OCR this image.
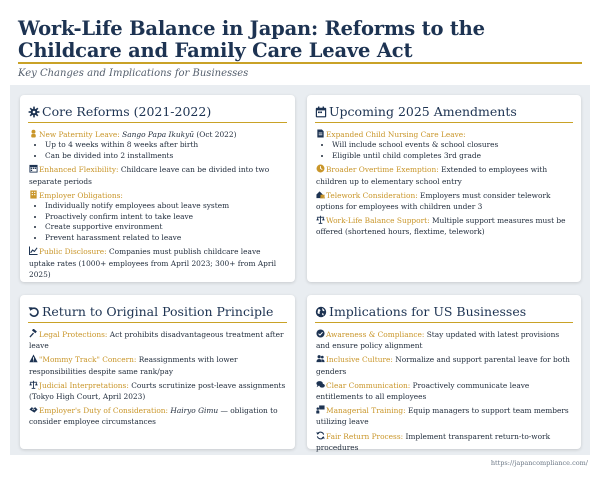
Work-Life Balance in Japan: Reforms to the Childcare and Family Care Leave Act
Key Changes and Implications for Businesses
Core Reforms (2021-2022)
New Paternity Leave: Sango Papa Ikukyū (Oct 2022)
• Up to 4 weeks within 8 weeks after birth
• Can be divided into 2 installments
Enhanced Flexibility: Childcare leave can be divided into two separate periods
Employer Obligations:
• Individually notify employees about leave system
• Proactively confirm intent to take leave
• Create supportive environment
• Prevent harassment related to leave
Public Disclosure: Companies must publish childcare leave uptake rates (1000+ employees from April 2023; 300+ from April 2025)
Upcoming 2025 Amendments
Expanded Child Nursing Care Leave:
• Will include school events & school closures
• Eligible until child completes 3rd grade
Broader Overtime Exemption: Extended to employees with children up to elementary school entry
Telework Consideration: Employers must consider telework options for employees with children under 3
Work-Life Balance Support: Multiple support measures must be offered (shortened hours, flextime, telework)
Return to Original Position Principle
Legal Protections: Act prohibits disadvantageous treatment after leave
"Mommy Track" Concern: Reassignments with lower responsibilities despite same rank/pay
Judicial Interpretations: Courts scrutinize post-leave assignments (Tokyo High Court, April 2023)
Employer's Duty of Consideration: Hairyo Gimu — obligation to consider employee circumstances
Implications for US Businesses
Awareness & Compliance: Stay updated with latest provisions and ensure policy alignment
Inclusive Culture: Normalize and support parental leave for both genders
Clear Communication: Proactively communicate leave entitlements to all employees
Managerial Training: Equip managers to support team members utilizing leave
Fair Return Process: Implement transparent return-to-work procedures
https://japancompliance.com/
